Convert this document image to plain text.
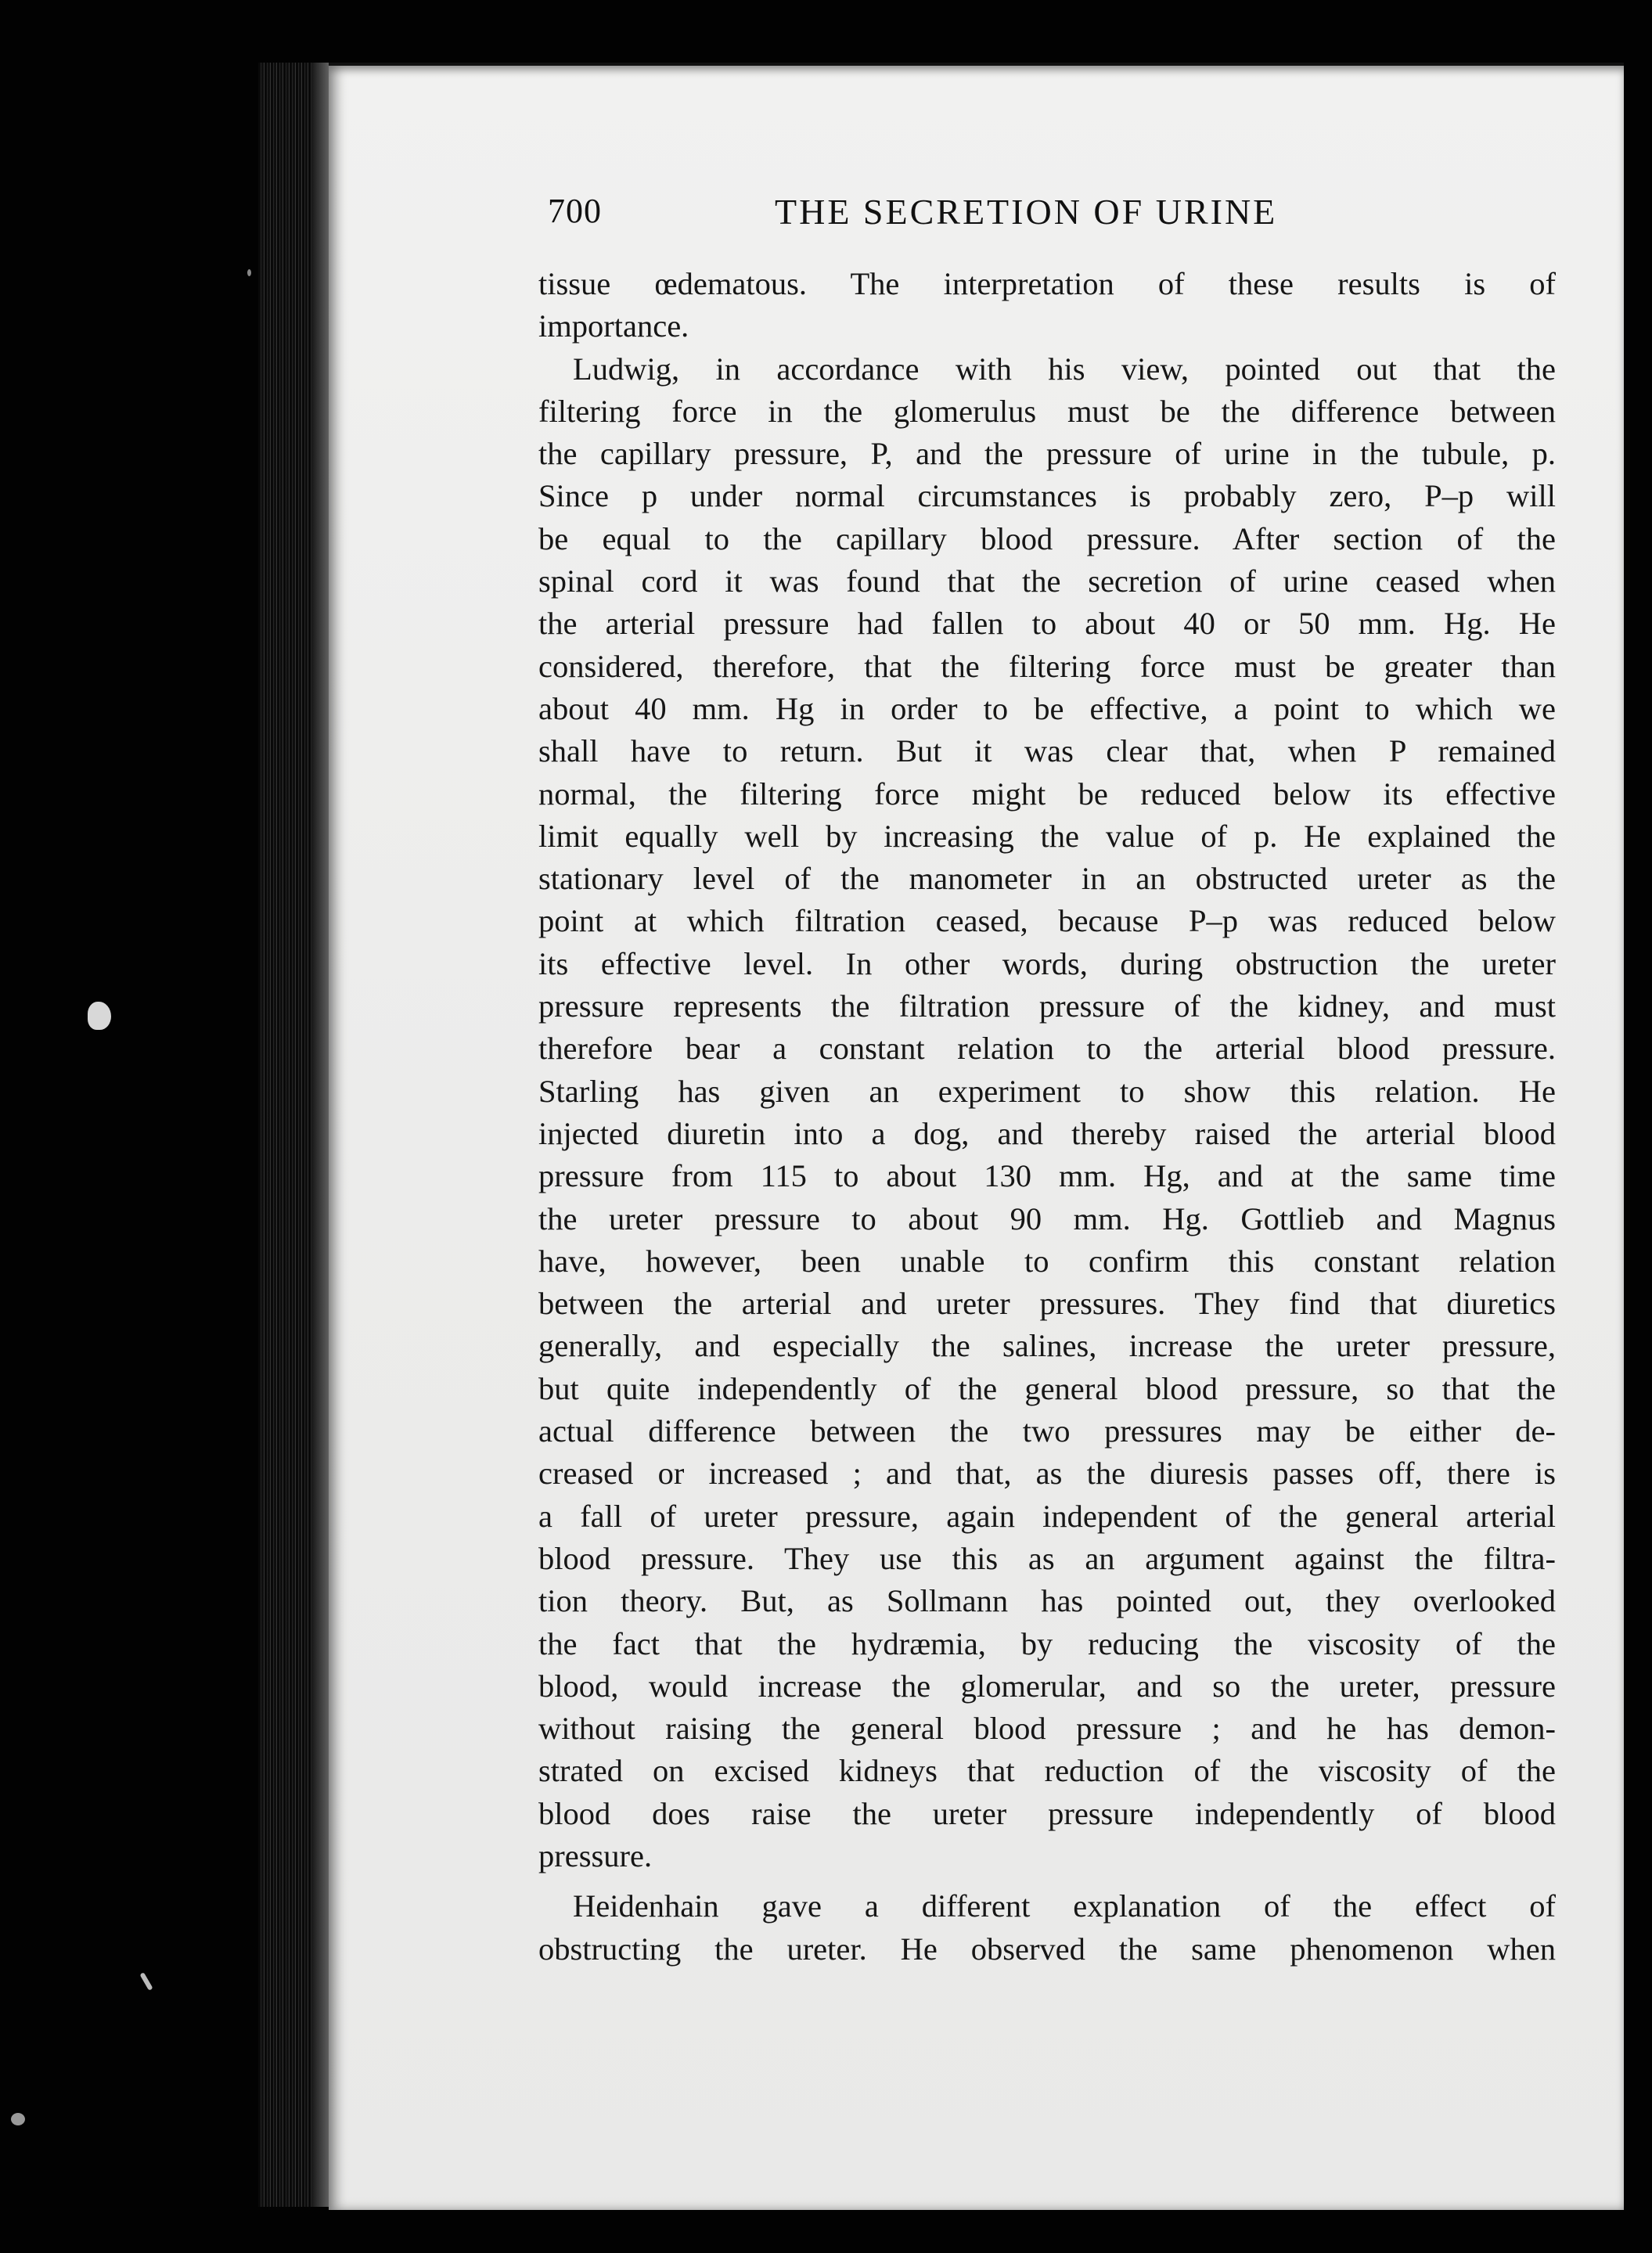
700	THE SECRETION OF URINE
tissue œdematous. The interpretation of these results is of
importance.
Ludwig, in accordance with his view, pointed out that the
filtering force in the glomerulus must be the difference between
the capillary pressure, P, and the pressure of urine in the tubule, p.
Since p under normal circumstances is probably zero, P–p will
be equal to the capillary blood pressure. After section of the
spinal cord it was found that the secretion of urine ceased when
the arterial pressure had fallen to about 40 or 50 mm. Hg. He
considered, therefore, that the filtering force must be greater than
about 40 mm. Hg in order to be effective, a point to which we
shall have to return. But it was clear that, when P remained
normal, the filtering force might be reduced below its effective
limit equally well by increasing the value of p. He explained the
stationary level of the manometer in an obstructed ureter as the
point at which filtration ceased, because P–p was reduced below
its effective level. In other words, during obstruction the ureter
pressure represents the filtration pressure of the kidney, and must
therefore bear a constant relation to the arterial blood pressure.
Starling has given an experiment to show this relation. He
injected diuretin into a dog, and thereby raised the arterial blood
pressure from 115 to about 130 mm. Hg, and at the same time
the ureter pressure to about 90 mm. Hg. Gottlieb and Magnus
have, however, been unable to confirm this constant relation
between the arterial and ureter pressures. They find that diuretics
generally, and especially the salines, increase the ureter pressure,
but quite independently of the general blood pressure, so that the
actual difference between the two pressures may be either de-
creased or increased ; and that, as the diuresis passes off, there is
a fall of ureter pressure, again independent of the general arterial
blood pressure. They use this as an argument against the filtra-
tion theory. But, as Sollmann has pointed out, they overlooked
the fact that the hydræmia, by reducing the viscosity of the
blood, would increase the glomerular, and so the ureter, pressure
without raising the general blood pressure ; and he has demon-
strated on excised kidneys that reduction of the viscosity of the
blood does raise the ureter pressure independently of blood
pressure.
Heidenhain gave a different explanation of the effect of
obstructing the ureter. He observed the same phenomenon when
